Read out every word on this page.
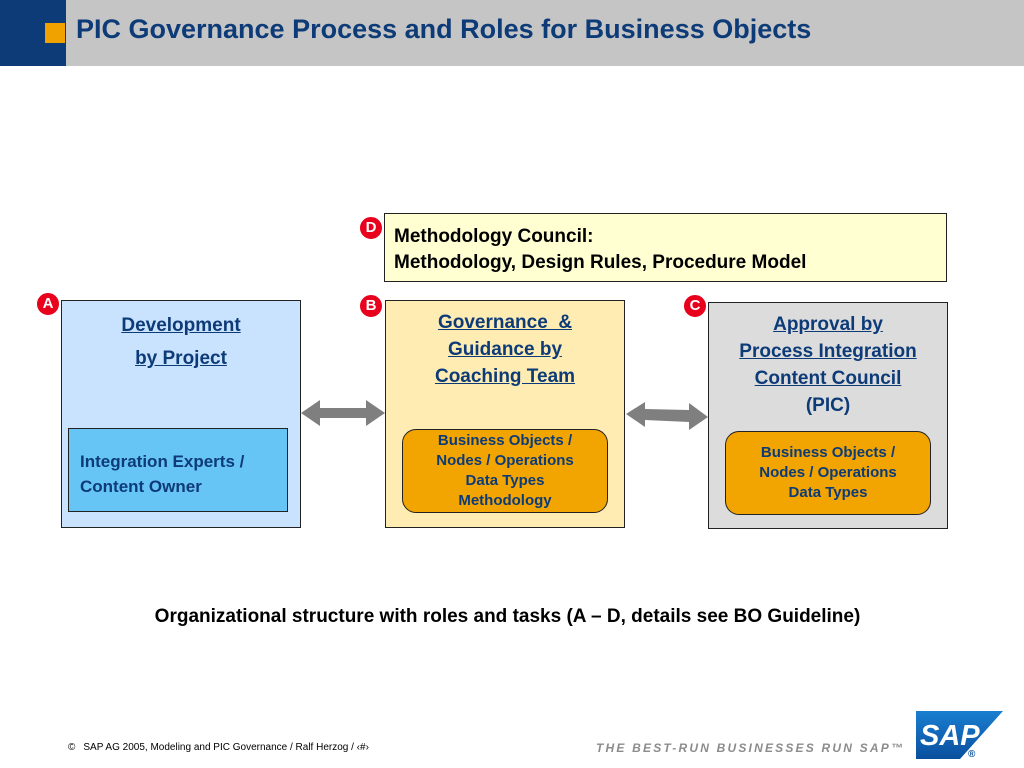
PIC Governance Process and Roles for Business Objects
Methodology Council:
Methodology, Design Rules, Procedure Model
D
Development
by Project
Integration Experts /
Content Owner
A
Governance  &
Guidance by
Coaching Team
Business Objects /
Nodes / Operations
Data Types
Methodology
B
Approval by
Process Integration
Content Council
(PIC)
Business Objects /
Nodes / Operations
Data Types
C

Organizational structure with roles and tasks (A – D, details see BO Guideline)

© SAP AG 2005, Modeling and PIC Governance / Ralf Herzog / ‹#›	THE BEST-RUN BUSINESSES RUN SAP™ SAP
®
